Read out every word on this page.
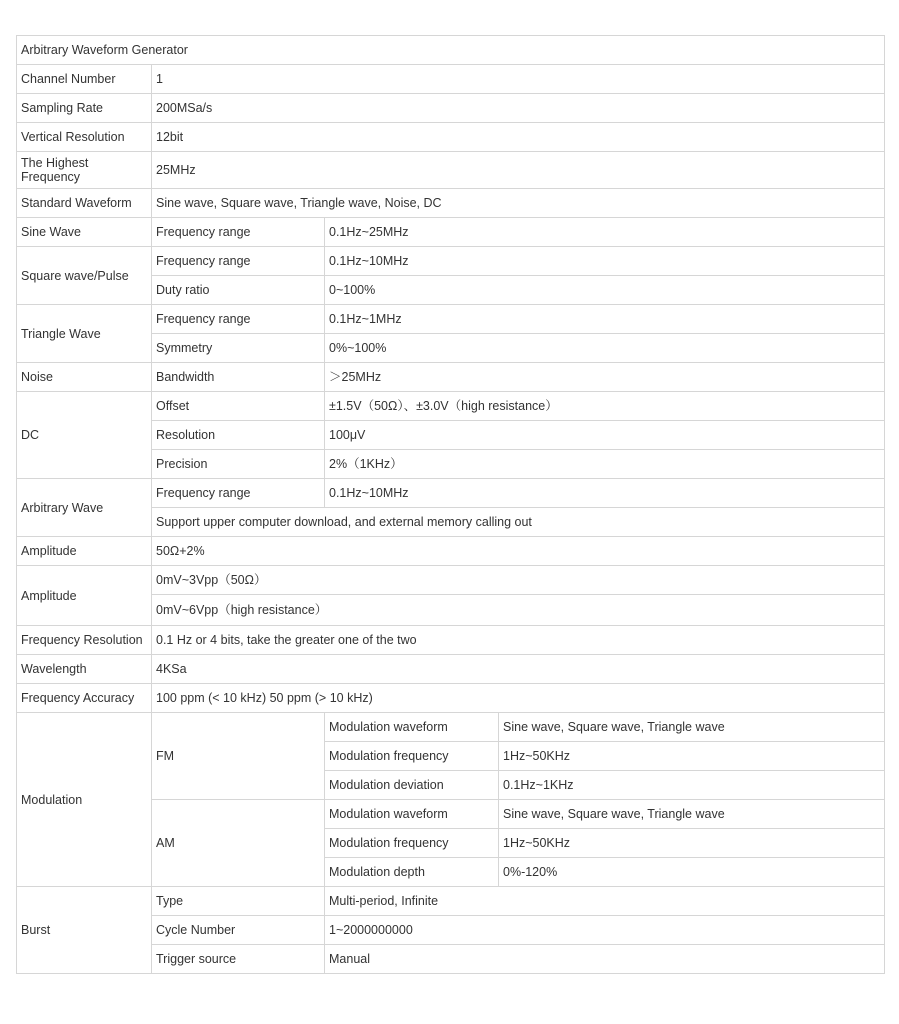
Arbitrary Waveform Generator			
Channel Number	1		
Sampling Rate	200MSa/s		
Vertical Resolution	12bit		
The Highest Frequency	25MHz		
Standard Waveform	Sine wave, Square wave, Triangle wave, Noise, DC		
Sine Wave	Frequency range	0.1Hz~25MHz	
Square wave/Pulse	Frequency range	0.1Hz~10MHz	
	Duty ratio	0~100%	
Triangle Wave	Frequency range	0.1Hz~1MHz	
	Symmetry	0%~100%	
Noise	Bandwidth	＞25MHz	
DC	Offset	±1.5V（50Ω）、±3.0V（high resistance）	
	Resolution	100μV	
	Precision	2%（1KHz）	
Arbitrary Wave	Frequency range	0.1Hz~10MHz	
	Support upper computer download, and external memory calling out		
Amplitude	50Ω+2%		
Amplitude	0mV~3Vpp（50Ω）		
	0mV~6Vpp（high resistance）		
Frequency Resolution	0.1 Hz or 4 bits, take the greater one of the two		
Wavelength	4KSa		
Frequency Accuracy	100 ppm (< 10 kHz) 50 ppm (> 10 kHz)		
Modulation	FM	Modulation waveform	Sine wave, Square wave, Triangle wave
		Modulation frequency	1Hz~50KHz
		Modulation deviation	0.1Hz~1KHz
	AM	Modulation waveform	Sine wave, Square wave, Triangle wave
		Modulation frequency	1Hz~50KHz
		Modulation depth	0%-120%
Burst	Type	Multi-period, Infinite	
	Cycle Number	1~2000000000	
	Trigger source	Manual	
